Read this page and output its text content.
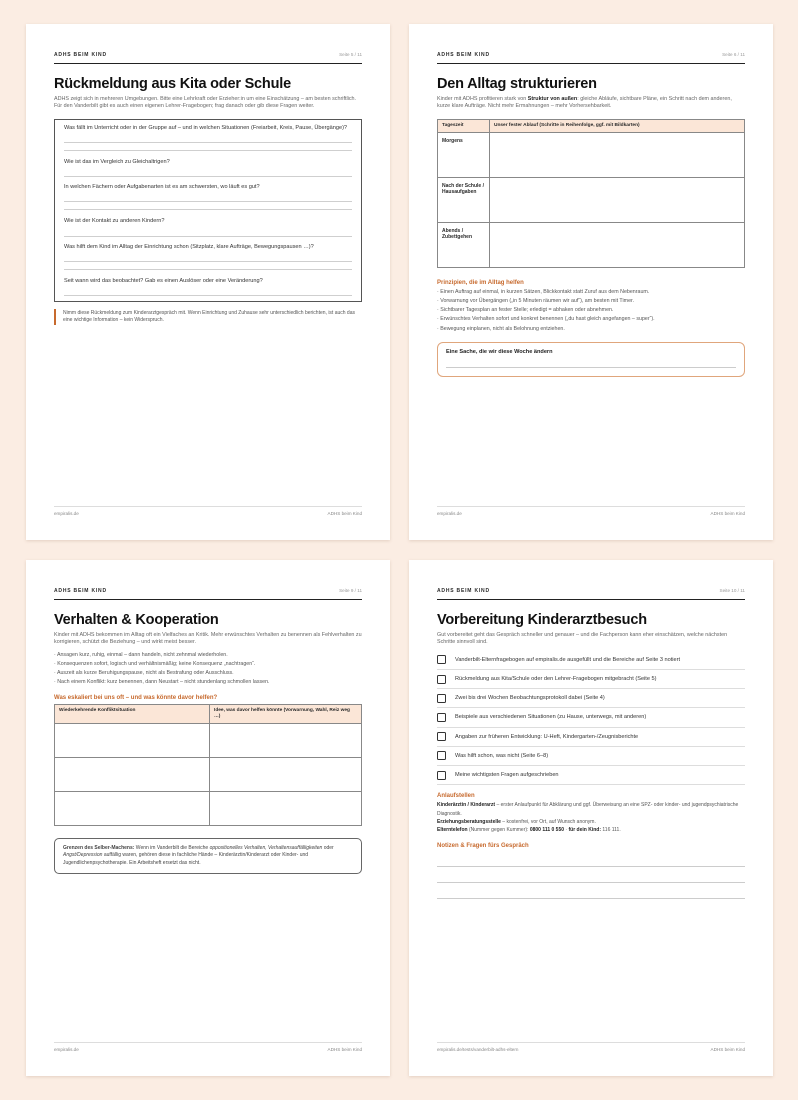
ADHS BEIM KIND	Seite 5 / 11
Rückmeldung aus Kita oder Schule

ADHS zeigt sich in mehreren Umgebungen. Bitte eine Lehrkraft oder Erzieher:in um eine Einschätzung – am besten schriftlich. Für den Vanderbilt gibt es auch einen eigenen Lehrer-Fragebogen; frag danach oder gib diese Fragen weiter.

Was fällt im Unterricht oder in der Gruppe auf – und in welchen Situationen (Freiarbeit, Kreis, Pause, Übergänge)?

Wie ist das im Vergleich zu Gleichaltrigen?

In welchen Fächern oder Aufgabenarten ist es am schwersten, wo läuft es gut?

Wie ist der Kontakt zu anderen Kindern?

Was hilft dem Kind im Alltag der Einrichtung schon (Sitzplatz, klare Aufträge, Bewegungspausen …)?

Seit wann wird das beobachtet? Gab es einen Auslöser oder eine Veränderung?

Nimm diese Rückmeldung zum Kinderarztgespräch mit. Wenn Einrichtung und Zuhause sehr unterschiedlich berichten, ist auch das eine wichtige Information – kein Widerspruch.
empiralis.de	ADHS beim Kind
ADHS BEIM KIND	Seite 6 / 11
Den Alltag strukturieren

Kinder mit ADHS profitieren stark von Struktur von außen: gleiche Abläufe, sichtbare Pläne, ein Schritt nach dem anderen, kurze klare Aufträge. Nicht mehr Ermahnungen – mehr Vorhersehbarkeit.

Tageszeit	Unser fester Ablauf (Schritte in Reihenfolge, ggf. mit Bildkarten)
Morgens	
Nach der Schule / Hausaufgaben	
Abends / Zubettgehen	
Prinzipien, die im Alltag helfen
· Einen Auftrag auf einmal, in kurzen Sätzen, Blickkontakt statt Zuruf aus dem Nebenraum.
· Vorwarnung vor Übergängen („in 5 Minuten räumen wir auf“), am besten mit Timer.
· Sichtbarer Tagesplan an fester Stelle; erledigt = abhaken oder abnehmen.
· Erwünschtes Verhalten sofort und konkret benennen („du hast gleich angefangen – super“).
· Bewegung einplanen, nicht als Belohnung entziehen.
Eine Sache, die wir diese Woche ändern
empiralis.de	ADHS beim Kind
ADHS BEIM KIND	Seite 9 / 11
Verhalten & Kooperation

Kinder mit ADHS bekommen im Alltag oft ein Vielfaches an Kritik. Mehr erwünschtes Verhalten zu benennen als Fehlverhalten zu korrigieren, schützt die Beziehung – und wirkt meist besser.

· Ansagen kurz, ruhig, einmal – dann handeln, nicht zehnmal wiederholen.
· Konsequenzen sofort, logisch und verhältnismäßig; keine Konsequenz „nachtragen“.
· Auszeit als kurze Beruhigungspause, nicht als Bestrafung oder Ausschluss.
· Nach einem Konflikt: kurz benennen, dann Neustart – nicht stundenlang schmollen lassen.
Was eskaliert bei uns oft – und was könnte davor helfen?
Wiederkehrende Konfliktsituation	Idee, was davor helfen könnte (Vorwarnung, Wahl, Reiz weg …)

Grenzen des Selber-Machens: Wenn im Vanderbilt die Bereiche oppositionelles Verhalten, Verhaltensauffälligkeiten oder Angst/Depression auffällig waren, gehören diese in fachliche Hände – Kinderärztin/Kinderarzt oder Kinder- und Jugendlichenpsychotherapie. Ein Arbeitsheft ersetzt das nicht.
empiralis.de	ADHS beim Kind
ADHS BEIM KIND	Seite 10 / 11
Vorbereitung Kinderarztbesuch

Gut vorbereitet geht das Gespräch schneller und genauer – und die Fachperson kann eher einschätzen, welche nächsten Schritte sinnvoll sind.

Vanderbilt-Elternfragebogen auf empiralis.de ausgefüllt und die Bereiche auf Seite 3 notiert
Rückmeldung aus Kita/Schule oder den Lehrer-Fragebogen mitgebracht (Seite 5)
Zwei bis drei Wochen Beobachtungsprotokoll dabei (Seite 4)
Beispiele aus verschiedenen Situationen (zu Hause, unterwegs, mit anderen)
Angaben zur früheren Entwicklung: U-Heft, Kindergarten-/Zeugnisberichte
Was hilft schon, was nicht (Seite 6–8)
Meine wichtigsten Fragen aufgeschrieben
Anlaufstellen
Kinderärztin / Kinderarzt – erster Anlaufpunkt für Abklärung und ggf. Überweisung an eine SPZ- oder kinder- und jugendpsychiatrische Diagnostik.
Erziehungsberatungsstelle – kostenfrei, vor Ort, auf Wunsch anonym.
Elterntelefon (Nummer gegen Kummer): 0800 111 0 550 · für dein Kind: 116 111.
Notizen & Fragen fürs Gespräch
empiralis.de/tests/vanderbilt-adhs-eltern	ADHS beim Kind
